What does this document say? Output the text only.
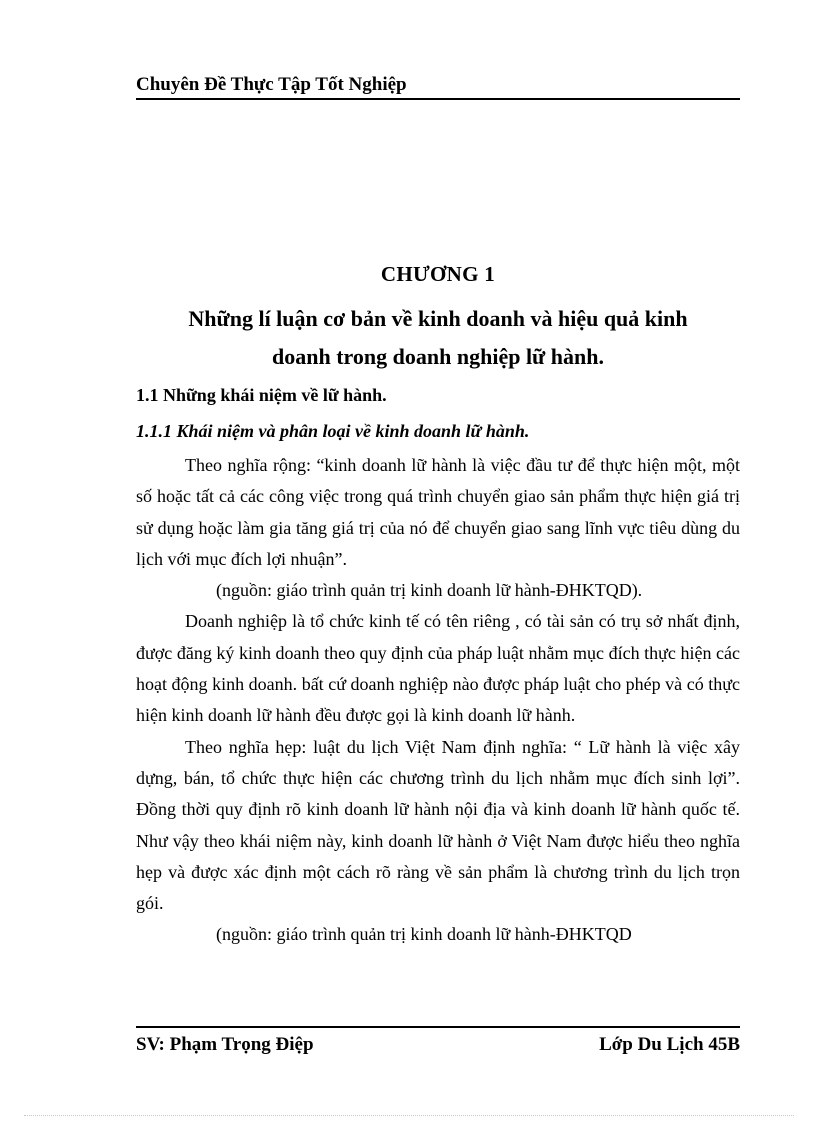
Chuyên Đề Thực Tập Tốt Nghiệp
CHƯƠNG 1
Những lí luận cơ bản về kinh doanh và hiệu quả kinh
doanh trong doanh nghiệp lữ hành.
1.1 Những khái niệm về lữ hành.
1.1.1 Khái niệm và phân loại về kinh doanh lữ hành.

Theo nghĩa rộng: “kinh doanh lữ hành là việc đầu tư để thực hiện một, một số hoặc tất cả các công việc trong quá trình chuyển giao sản phẩm thực hiện giá trị sử dụng hoặc làm gia tăng giá trị của nó để chuyển giao sang lĩnh vực tiêu dùng du lịch với mục đích lợi nhuận”.

(nguồn: giáo trình quản trị kinh doanh lữ hành-ĐHKTQD).

Doanh nghiệp là tổ chức kinh tế có tên riêng , có tài sản có trụ sở nhất định, được đăng ký kinh doanh theo quy định của pháp luật nhằm mục đích thực hiện các hoạt động kinh doanh. bất cứ doanh nghiệp nào được pháp luật cho phép và có thực hiện kinh doanh lữ hành đều được gọi là kinh doanh lữ hành.

Theo nghĩa hẹp: luật du lịch Việt Nam định nghĩa: “ Lữ hành là việc xây dựng, bán, tổ chức thực hiện các chương trình du lịch nhằm mục đích sinh lợi”. Đồng thời quy định rõ kinh doanh lữ hành nội địa và kinh doanh lữ hành quốc tế. Như vậy theo khái niệm này, kinh doanh lữ hành ở Việt Nam được hiểu theo nghĩa hẹp và được xác định một cách rõ ràng về sản phẩm là chương trình du lịch trọn gói.

(nguồn: giáo trình quản trị kinh doanh lữ hành-ĐHKTQD

SV: Phạm Trọng Điệp	Lớp Du Lịch 45B
